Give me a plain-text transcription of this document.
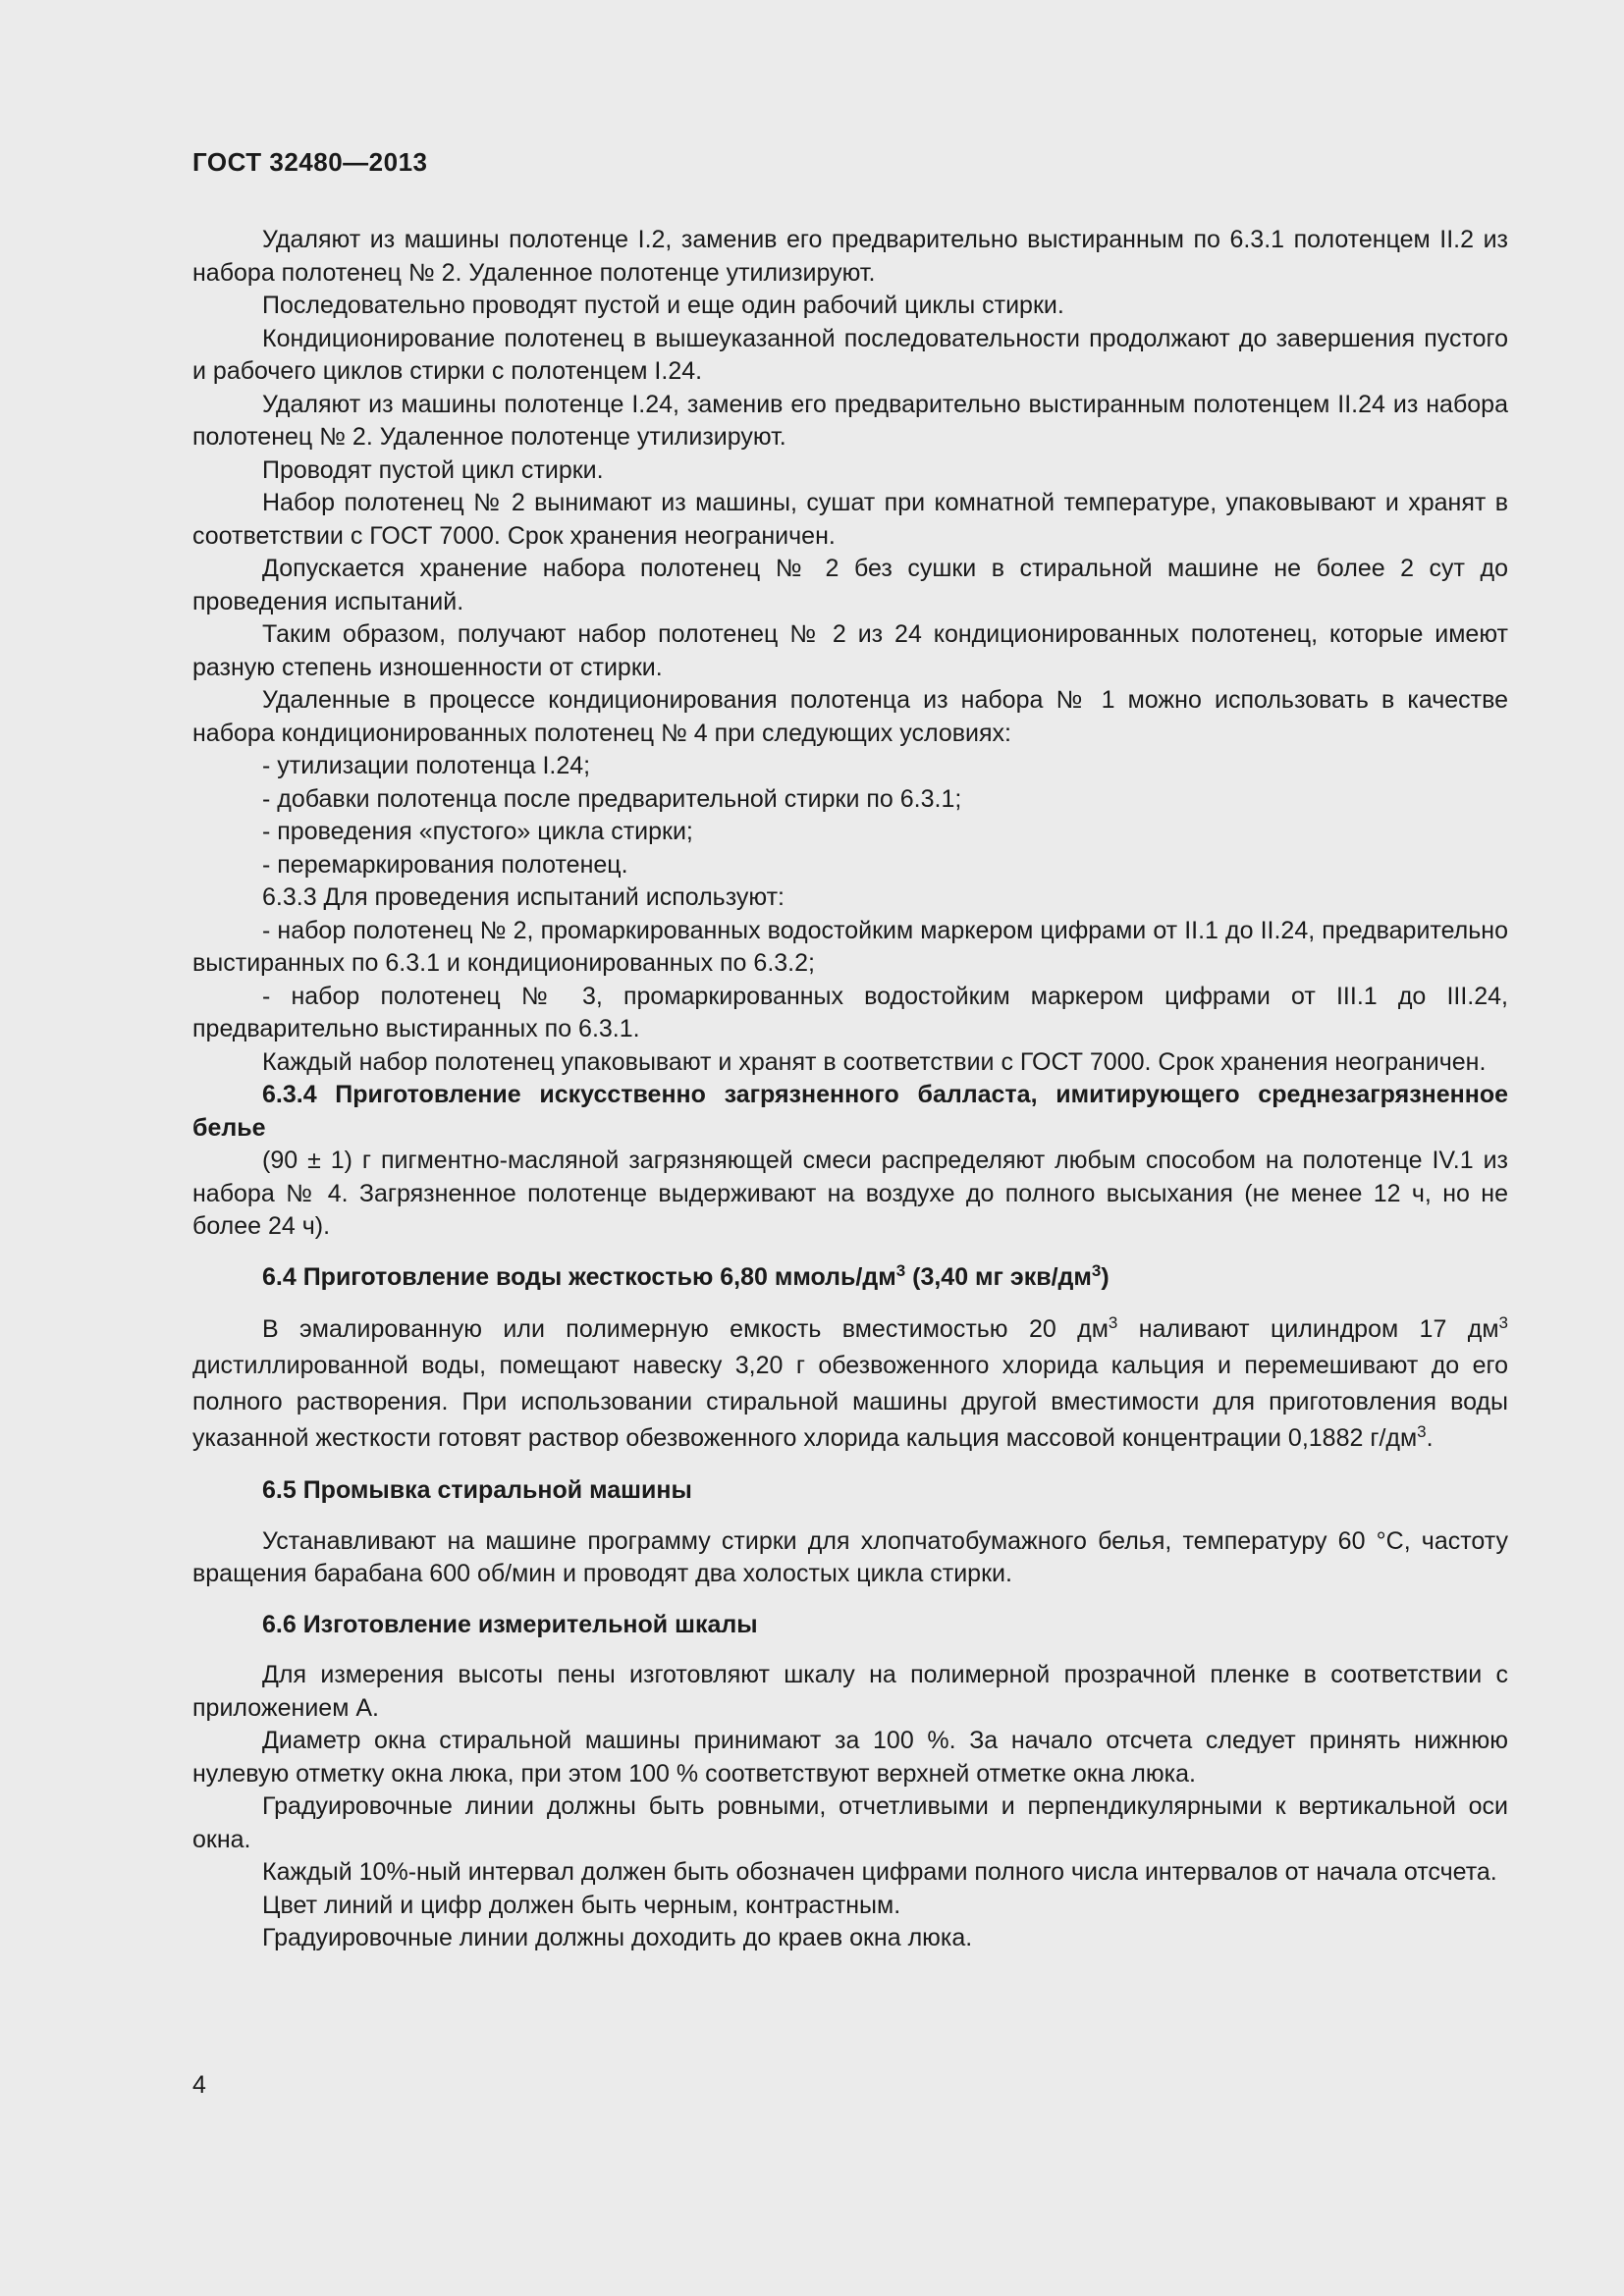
ГОСТ 32480—2013

Удаляют из машины полотенце I.2, заменив его предварительно выстиранным по 6.3.1 полотенцем II.2 из набора полотенец № 2. Удаленное полотенце утилизируют.

Последовательно проводят пустой и еще один рабочий циклы стирки.

Кондиционирование полотенец в вышеуказанной последовательности продолжают до завершения пустого и рабочего циклов стирки с полотенцем I.24.

Удаляют из машины полотенце I.24, заменив его предварительно выстиранным полотенцем II.24 из набора полотенец № 2. Удаленное полотенце утилизируют.

Проводят пустой цикл стирки.

Набор полотенец № 2 вынимают из машины, сушат при комнатной температуре, упаковывают и хранят в соответствии с ГОСТ 7000. Срок хранения неограничен.

Допускается хранение набора полотенец № 2 без сушки в стиральной машине не более 2 сут до проведения испытаний.

Таким образом, получают набор полотенец № 2 из 24 кондиционированных полотенец, которые имеют разную степень изношенности от стирки.

Удаленные в процессе кондиционирования полотенца из набора № 1 можно использовать в качестве набора кондиционированных полотенец № 4 при следующих условиях:

- утилизации полотенца I.24;

- добавки полотенца после предварительной стирки по 6.3.1;

- проведения «пустого» цикла стирки;

- перемаркирования полотенец.

6.3.3 Для проведения испытаний используют:

- набор полотенец № 2, промаркированных водостойким маркером цифрами от II.1 до II.24, предварительно выстиранных по 6.3.1 и кондиционированных по 6.3.2;

- набор полотенец № 3, промаркированных водостойким маркером цифрами от III.1 до III.24, предварительно выстиранных по 6.3.1.

Каждый набор полотенец упаковывают и хранят в соответствии с ГОСТ 7000. Срок хранения неограничен.

6.3.4 Приготовление искусственно загрязненного балласта, имитирующего среднезагрязненное белье

(90 ± 1) г пигментно-масляной загрязняющей смеси распределяют любым способом на полотенце IV.1 из набора № 4. Загрязненное полотенце выдерживают на воздухе до полного высыхания (не менее 12 ч, но не более 24 ч).

6.4 Приготовление воды жесткостью 6,80 ммоль/$дм^3$ (3,40 мг экв/$дм^3$)

В эмалированную или полимерную емкость вместимостью 20 $дм^3$ наливают цилиндром 17 $дм^3$ дистиллированной воды, помещают навеску 3,20 г обезвоженного хлорида кальция и перемешивают до его полного растворения. При использовании стиральной машины другой вместимости для приготовления воды указанной жесткости готовят раствор обезвоженного хлорида кальция массовой концентрации 0,1882 $г/дм^3$.

6.5 Промывка стиральной машины

Устанавливают на машине программу стирки для хлопчатобумажного белья, температуру 60 °С, частоту вращения барабана 600 об/мин и проводят два холостых цикла стирки.

6.6 Изготовление измерительной шкалы

Для измерения высоты пены изготовляют шкалу на полимерной прозрачной пленке в соответствии с приложением А.

Диаметр окна стиральной машины принимают за 100 %. За начало отсчета следует принять нижнюю нулевую отметку окна люка, при этом 100 % соответствуют верхней отметке окна люка.

Градуировочные линии должны быть ровными, отчетливыми и перпендикулярными к вертикальной оси окна.

Каждый 10%-ный интервал должен быть обозначен цифрами полного числа интервалов от начала отсчета.

Цвет линий и цифр должен быть черным, контрастным.

Градуировочные линии должны доходить до краев окна люка.

4
